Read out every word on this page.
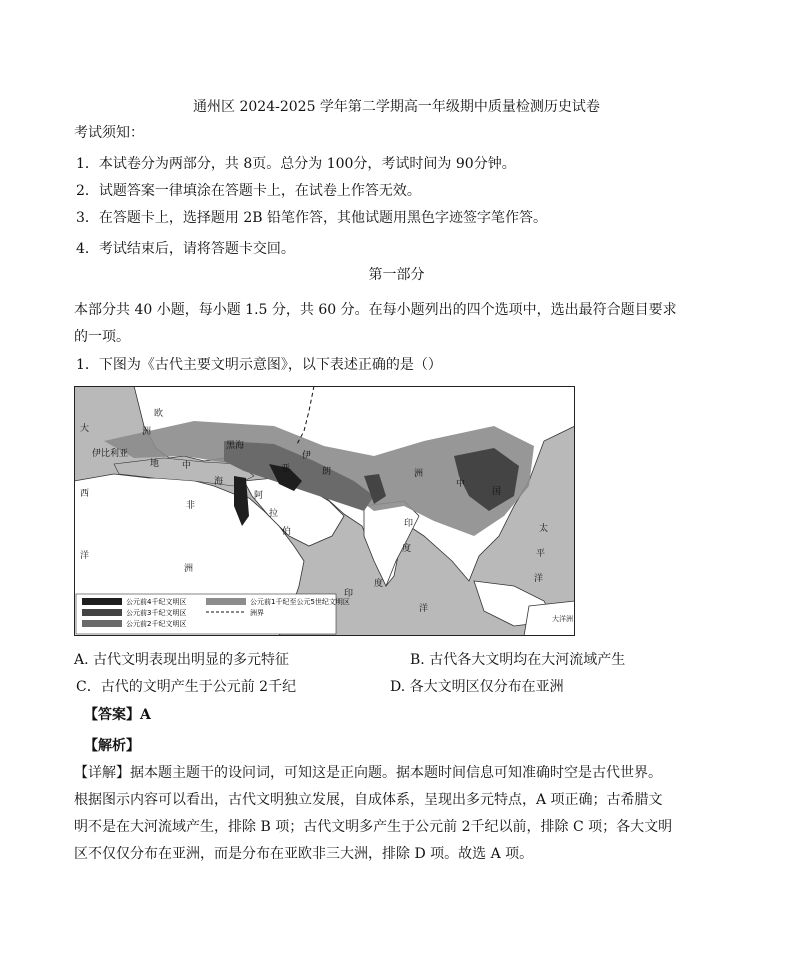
通州区 2024-2025 学年第二学期高一年级期中质量检测历史试卷
考试须知：
1．本试卷分为两部分，共 8页。总分为 100分，考试时间为 90分钟。
2．试题答案一律填涂在答题卡上，在试卷上作答无效。
3．在答题卡上，选择题用 2B 铅笔作答，其他试题用黑色字迹签字笔作答。
4．考试结束后，请将答题卡交回。
第一部分
本部分共 40 小题，每小题 1.5 分，共 60 分。在每小题列出的四个选项中，选出最符合题目要求
的一项。
1．下图为《古代主要文明示意图》，以下表述正确的是（）
大
西
洋
欧
洲
黑海
伊比利亚
地	中
海
非
洲
阿
拉
伯
亚
伊
朗
印
度
印
度
洋
洲
中
国
太
平
洋
大洋洲
公元前4千纪文明区
公元前3千纪文明区
公元前2千纪文明区
公元前1千纪至公元5世纪文明区
洲界
A. 古代文明表现出明显的多元特征	B. 古代各大文明均在大河流域产生
C．古代的文明产生于公元前 2千纪	D. 各大文明区仅分布在亚洲
【答案】A
【解析】
【详解】据本题主题干的设问词，可知这是正向题。据本题时间信息可知准确时空是古代世界。
根据图示内容可以看出，古代文明独立发展，自成体系，呈现出多元特点，A 项正确；古希腊文
明不是在大河流域产生，排除 B 项；古代文明多产生于公元前 2千纪以前，排除 C 项；各大文明
区不仅仅分布在亚洲，而是分布在亚欧非三大洲，排除 D 项。故选 A 项。
